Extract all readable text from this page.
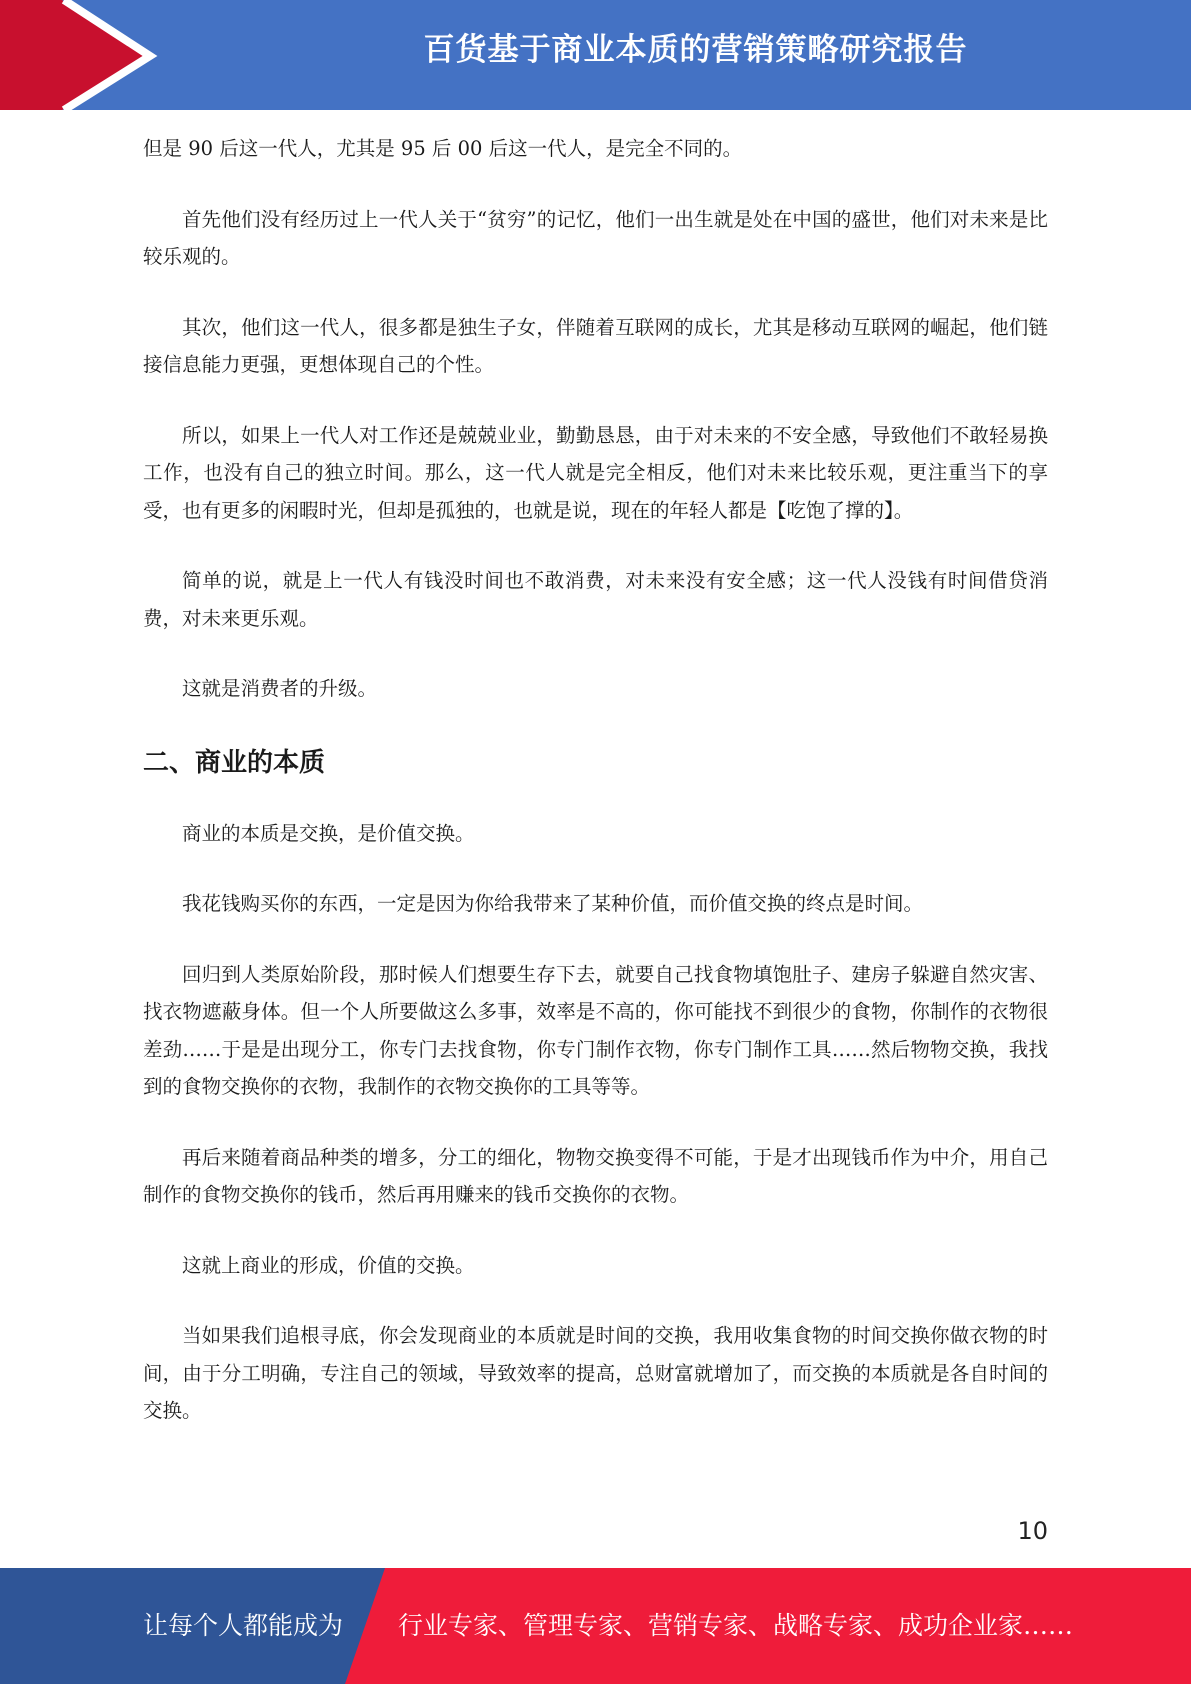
百货基于商业本质的营销策略研究报告

但是 90 后这一代人，尤其是 95 后 00 后这一代人，是完全不同的。

首先他们没有经历过上一代人关于“贫穷”的记忆，他们一出生就是处在中国的盛世，他们对未来是比较乐观的。

其次，他们这一代人，很多都是独生子女，伴随着互联网的成长，尤其是移动互联网的崛起，他们链接信息能力更强，更想体现自己的个性。

所以，如果上一代人对工作还是兢兢业业，勤勤恳恳，由于对未来的不安全感，导致他们不敢轻易换工作，也没有自己的独立时间。那么，这一代人就是完全相反，他们对未来比较乐观，更注重当下的享受，也有更多的闲暇时光，但却是孤独的，也就是说，现在的年轻人都是【吃饱了撑的】。

简单的说，就是上一代人有钱没时间也不敢消费，对未来没有安全感；这一代人没钱有时间借贷消费，对未来更乐观。

这就是消费者的升级。

二、商业的本质

商业的本质是交换，是价值交换。

我花钱购买你的东西，一定是因为你给我带来了某种价值，而价值交换的终点是时间。

回归到人类原始阶段，那时候人们想要生存下去，就要自己找食物填饱肚子、建房子躲避自然灾害、找衣物遮蔽身体。但一个人所要做这么多事，效率是不高的，你可能找不到很少的食物，你制作的衣物很差劲……于是是出现分工，你专门去找食物，你专门制作衣物，你专门制作工具……然后物物交换，我找到的食物交换你的衣物，我制作的衣物交换你的工具等等。

再后来随着商品种类的增多，分工的细化，物物交换变得不可能，于是才出现钱币作为中介，用自己制作的食物交换你的钱币，然后再用赚来的钱币交换你的衣物。

这就上商业的形成，价值的交换。

当如果我们追根寻底，你会发现商业的本质就是时间的交换，我用收集食物的时间交换你做衣物的时间，由于分工明确，专注自己的领域，导致效率的提高，总财富就增加了，而交换的本质就是各自时间的交换。

10
让每个人都能成为 行业专家、管理专家、营销专家、战略专家、成功企业家……
